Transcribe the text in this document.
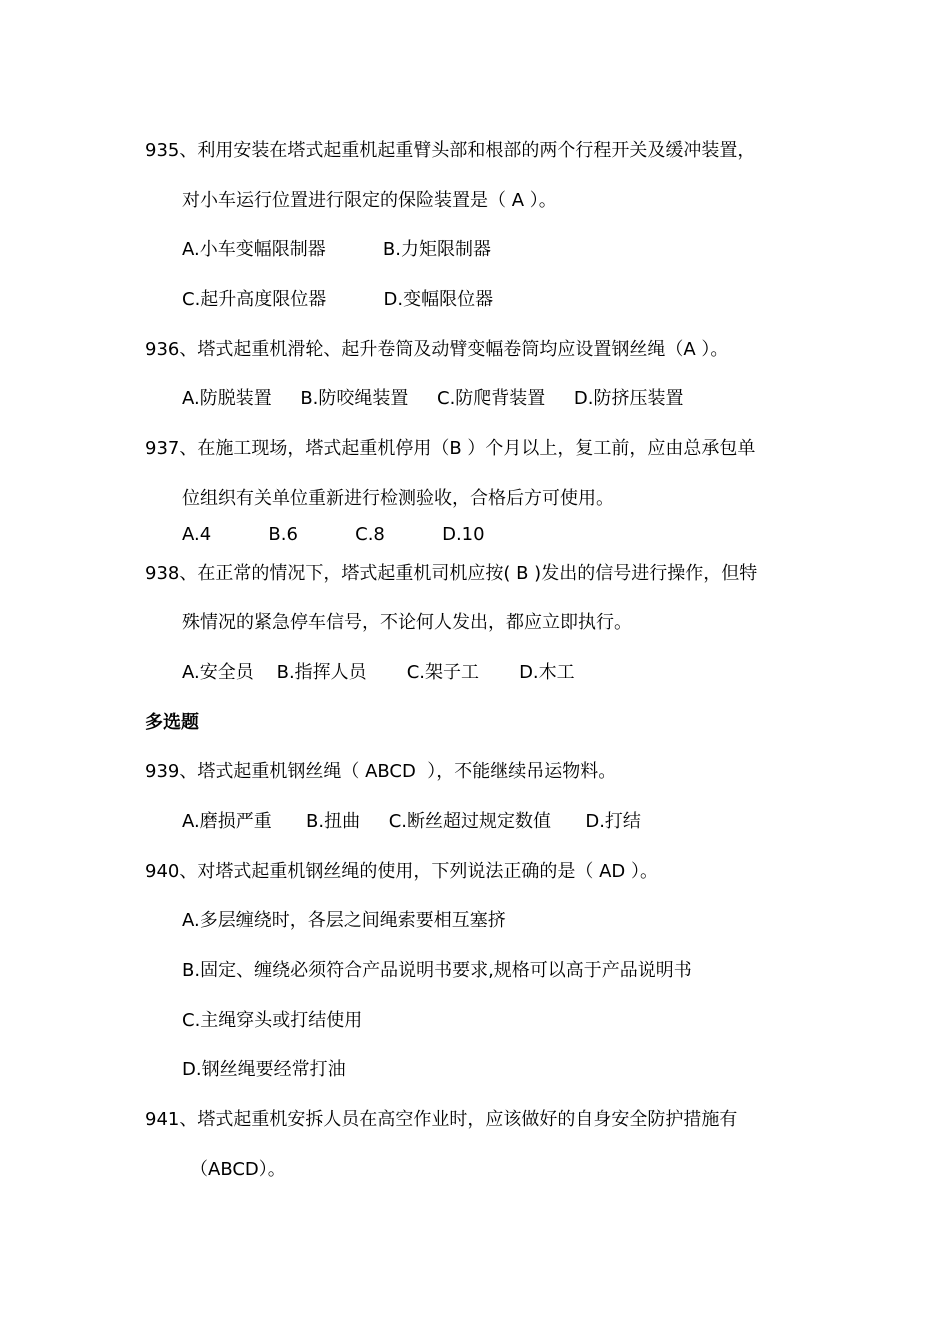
935、利用安装在塔式起重机起重臂头部和根部的两个行程开关及缓冲装置，
对小车运行位置进行限定的保险装置是（ A ）。
A.小车变幅限制器          B.力矩限制器
C.起升高度限位器          D.变幅限位器
936、塔式起重机滑轮、起升卷筒及动臂变幅卷筒均应设置钢丝绳（A ）。
A.防脱装置     B.防咬绳装置     C.防爬背装置     D.防挤压装置
937、在施工现场，塔式起重机停用（B ）个月以上，复工前，应由总承包单
位组织有关单位重新进行检测验收，合格后方可使用。
A.4          B.6          C.8          D.10
938、在正常的情况下，塔式起重机司机应按( B )发出的信号进行操作，但特
殊情况的紧急停车信号，不论何人发出，都应立即执行。
A.安全员    B.指挥人员       C.架子工       D.木工
多选题
939、塔式起重机钢丝绳（ ABCD  ），不能继续吊运物料。
A.磨损严重      B.扭曲     C.断丝超过规定数值      D.打结
940、对塔式起重机钢丝绳的使用，下列说法正确的是（ AD ）。
A.多层缠绕时，各层之间绳索要相互塞挤
B.固定、缠绕必须符合产品说明书要求,规格可以高于产品说明书
C.主绳穿头或打结使用
D.钢丝绳要经常打油
941、塔式起重机安拆人员在高空作业时，应该做好的自身安全防护措施有
（ABCD）。
